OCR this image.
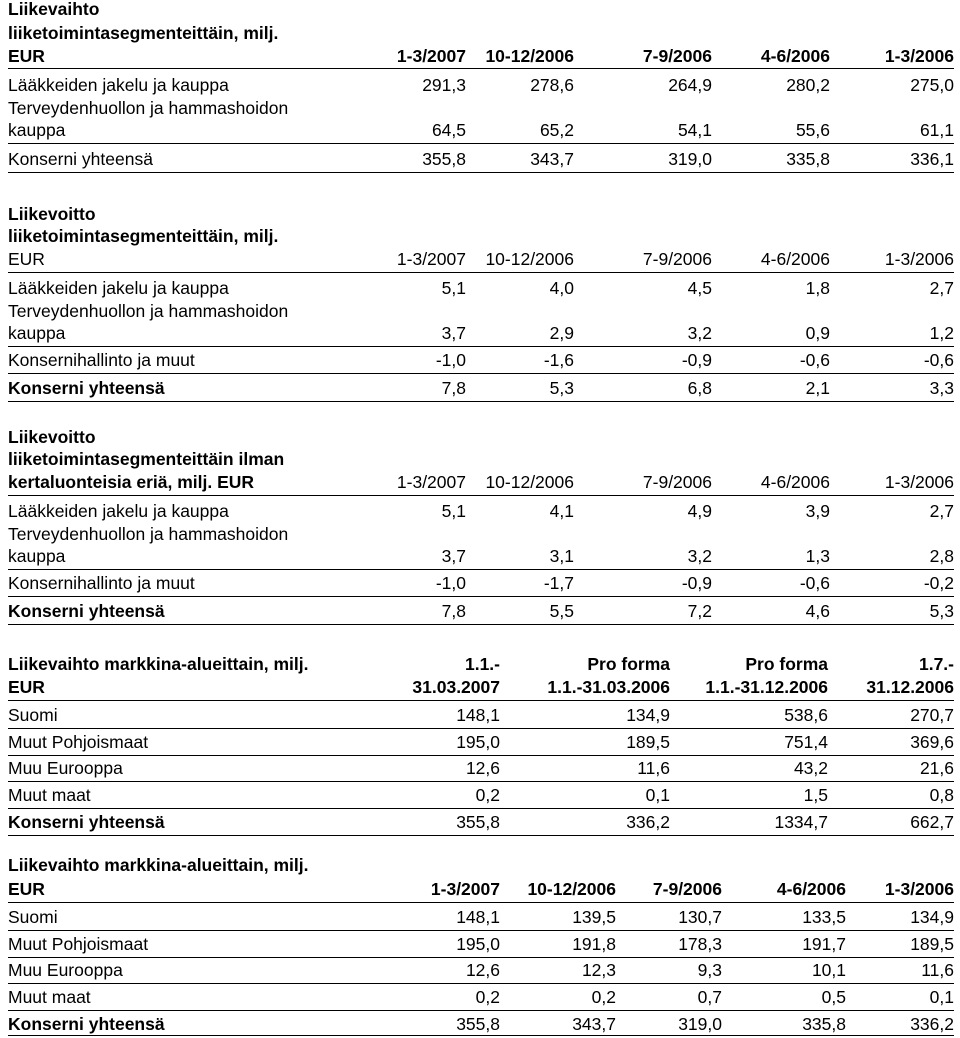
Liikevaihto
liiketoimintasegmenteittäin, milj.
EUR	1-3/2007 10-12/2006	7-9/2006	4-6/2006	1-3/2006
Lääkkeiden jakelu ja kauppa	291,3	278,6	264,9	280,2	275,0
Terveydenhuollon ja hammashoidon
kauppa	64,5	65,2	54,1	55,6	61,1
Konserni yhteensä	355,8	343,7	319,0	335,8	336,1
Liikevoitto
liiketoimintasegmenteittäin, milj.
EUR	1-3/2007 10-12/2006	7-9/2006	4-6/2006	1-3/2006
Lääkkeiden jakelu ja kauppa	5,1	4,0	4,5	1,8	2,7
Terveydenhuollon ja hammashoidon
kauppa	3,7	2,9	3,2	0,9	1,2
Konsernihallinto ja muut	-1,0	-1,6	-0,9	-0,6	-0,6
Konserni yhteensä	7,8	5,3	6,8	2,1	3,3
Liikevoitto
liiketoimintasegmenteittäin ilman
kertaluonteisia eriä, milj. EUR	1-3/2007 10-12/2006	7-9/2006	4-6/2006	1-3/2006
Lääkkeiden jakelu ja kauppa	5,1	4,1	4,9	3,9	2,7
Terveydenhuollon ja hammashoidon
kauppa	3,7	3,1	3,2	1,3	2,8
Konsernihallinto ja muut	-1,0	-1,7	-0,9	-0,6	-0,2
Konserni yhteensä	7,8	5,5	7,2	4,6	5,3
Liikevaihto markkina-alueittain, milj.	1.1.-	Pro forma	Pro forma	1.7.-
EUR	31.03.2007	1.1.-31.03.2006 1.1.-31.12.2006 31.12.2006
Suomi	148,1	134,9	538,6	270,7
Muut Pohjoismaat	195,0	189,5	751,4	369,6
Muu Eurooppa	12,6	11,6	43,2	21,6
Muut maat	0,2	0,1	1,5	0,8
Konserni yhteensä	355,8	336,2	1334,7	662,7
Liikevaihto markkina-alueittain, milj.
EUR	1-3/2007 10-12/2006 7-9/2006	4-6/2006 1-3/2006
Suomi	148,1	139,5	130,7	133,5	134,9
Muut Pohjoismaat	195,0	191,8	178,3	191,7	189,5
Muu Eurooppa	12,6	12,3	9,3	10,1	11,6
Muut maat	0,2	0,2	0,7	0,5	0,1
Konserni yhteensä	355,8	343,7	319,0	335,8	336,2
